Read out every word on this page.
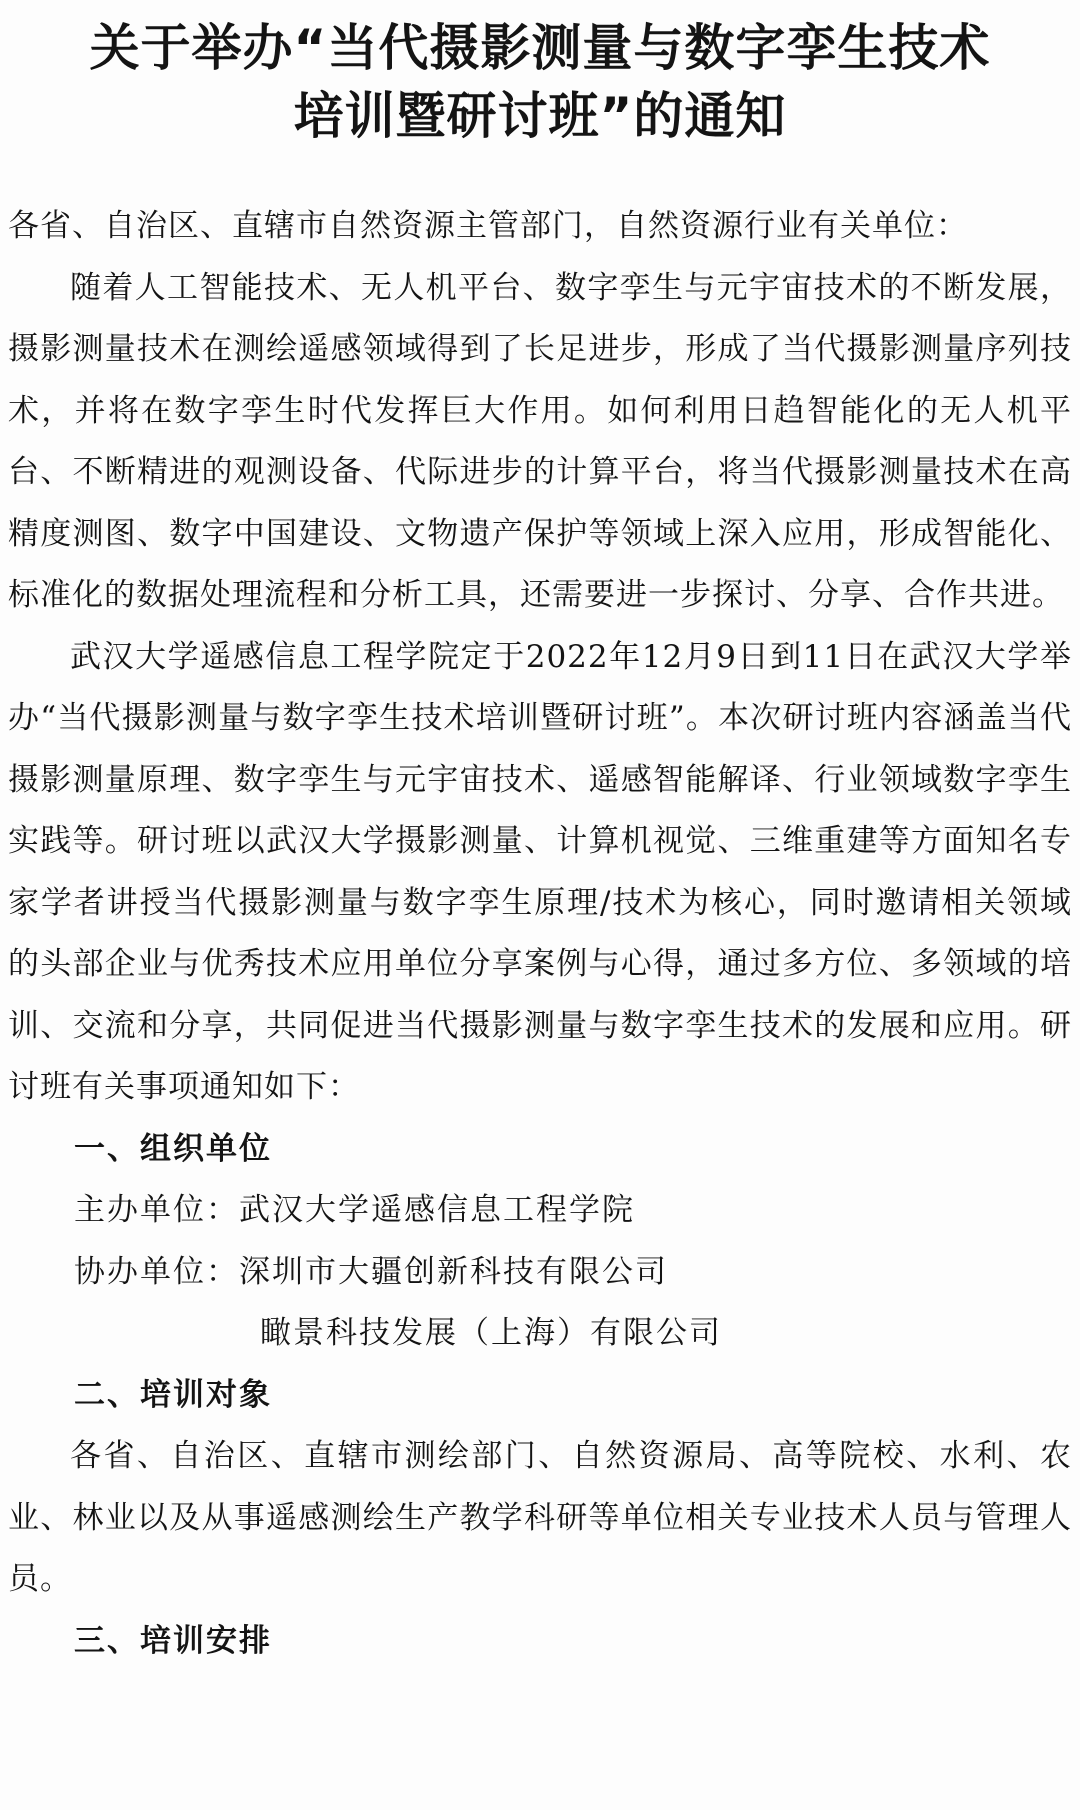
关于举办“当代摄影测量与数字孪生技术
培训暨研讨班”的通知

各省、自治区、直辖市自然资源主管部门，自然资源行业有关单位：

随着人工智能技术、无人机平台、数字孪生与元宇宙技术的不断发展，摄影测量技术在测绘遥感领域得到了长足进步，形成了当代摄影测量序列技术，并将在数字孪生时代发挥巨大作用。如何利用日趋智能化的无人机平台、不断精进的观测设备、代际进步的计算平台，将当代摄影测量技术在高精度测图、数字中国建设、文物遗产保护等领域上深入应用，形成智能化、标准化的数据处理流程和分析工具，还需要进一步探讨、分享、合作共进。

武汉大学遥感信息工程学院定于2022年12月9日到11日在武汉大学举办“当代摄影测量与数字孪生技术培训暨研讨班”。本次研讨班内容涵盖当代摄影测量原理、数字孪生与元宇宙技术、遥感智能解译、行业领域数字孪生实践等。研讨班以武汉大学摄影测量、计算机视觉、三维重建等方面知名专家学者讲授当代摄影测量与数字孪生原理/技术为核心，同时邀请相关领域的头部企业与优秀技术应用单位分享案例与心得，通过多方位、多领域的培训、交流和分享，共同促进当代摄影测量与数字孪生技术的发展和应用。研讨班有关事项通知如下：

一、组织单位

主办单位：武汉大学遥感信息工程学院

协办单位：深圳市大疆创新科技有限公司

瞰景科技发展（上海）有限公司

二、培训对象

各省、自治区、直辖市测绘部门、自然资源局、高等院校、水利、农业、林业以及从事遥感测绘生产教学科研等单位相关专业技术人员与管理人员。

三、培训安排
